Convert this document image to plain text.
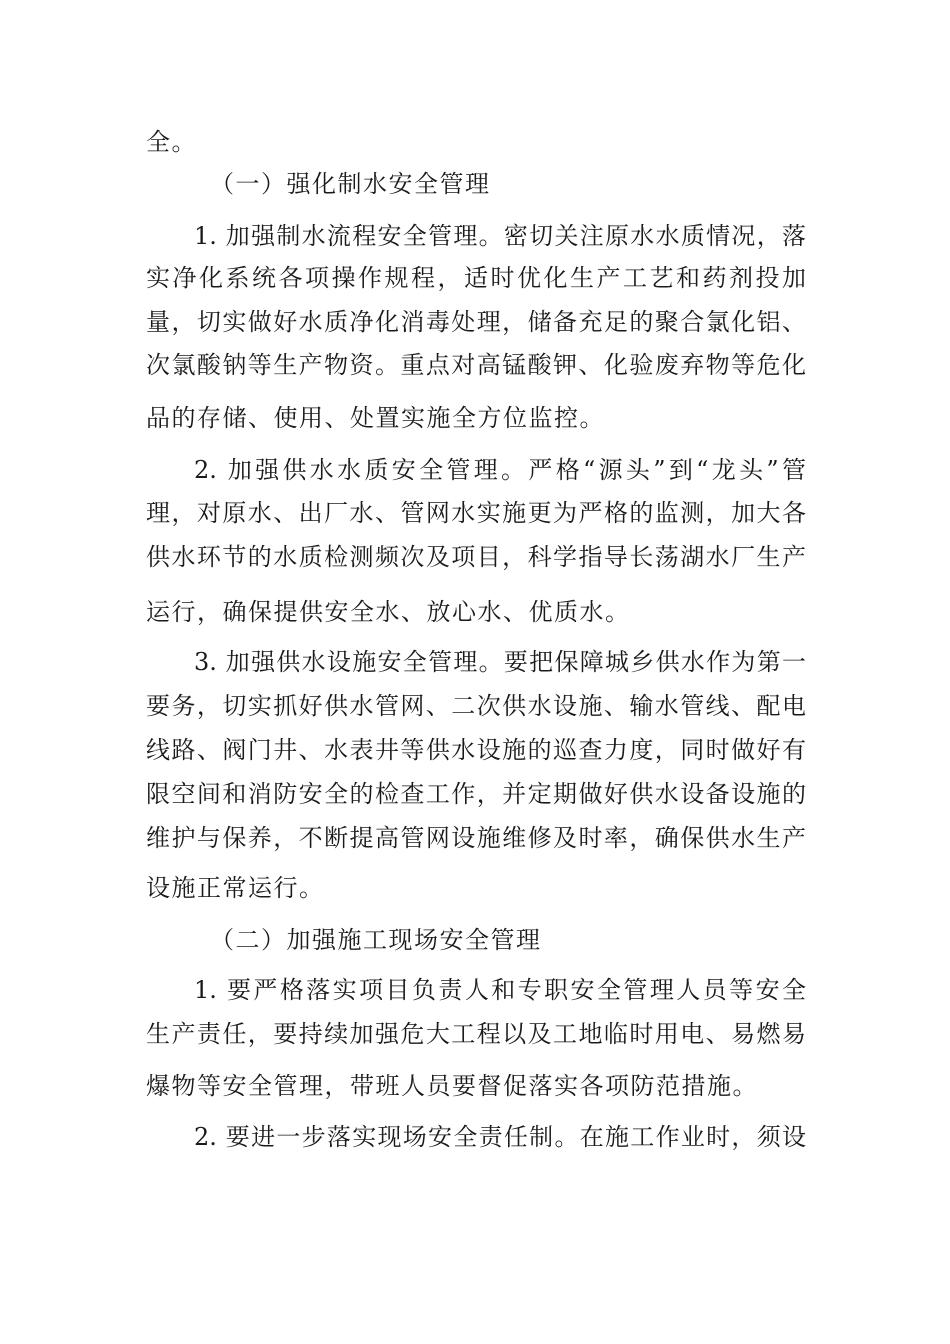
全。
（一）强化制水安全管理
1. 加强制水流程安全管理。密切关注原水水质情况，落
实净化系统各项操作规程，适时优化生产工艺和药剂投加
量，切实做好水质净化消毒处理，储备充足的聚合氯化铝、
次氯酸钠等生产物资。重点对高锰酸钾、化验废弃物等危化
品的存储、使用、处置实施全方位监控。
2. 加强供水水质安全管理。严格“源头”到“龙头”管
理，对原水、出厂水、管网水实施更为严格的监测，加大各
供水环节的水质检测频次及项目，科学指导长荡湖水厂生产
运行，确保提供安全水、放心水、优质水。
3. 加强供水设施安全管理。要把保障城乡供水作为第一
要务，切实抓好供水管网、二次供水设施、输水管线、配电
线路、阀门井、水表井等供水设施的巡查力度，同时做好有
限空间和消防安全的检查工作，并定期做好供水设备设施的
维护与保养，不断提高管网设施维修及时率，确保供水生产
设施正常运行。
（二）加强施工现场安全管理
1. 要严格落实项目负责人和专职安全管理人员等安全
生产责任，要持续加强危大工程以及工地临时用电、易燃易
爆物等安全管理，带班人员要督促落实各项防范措施。
2. 要进一步落实现场安全责任制。在施工作业时，须设
